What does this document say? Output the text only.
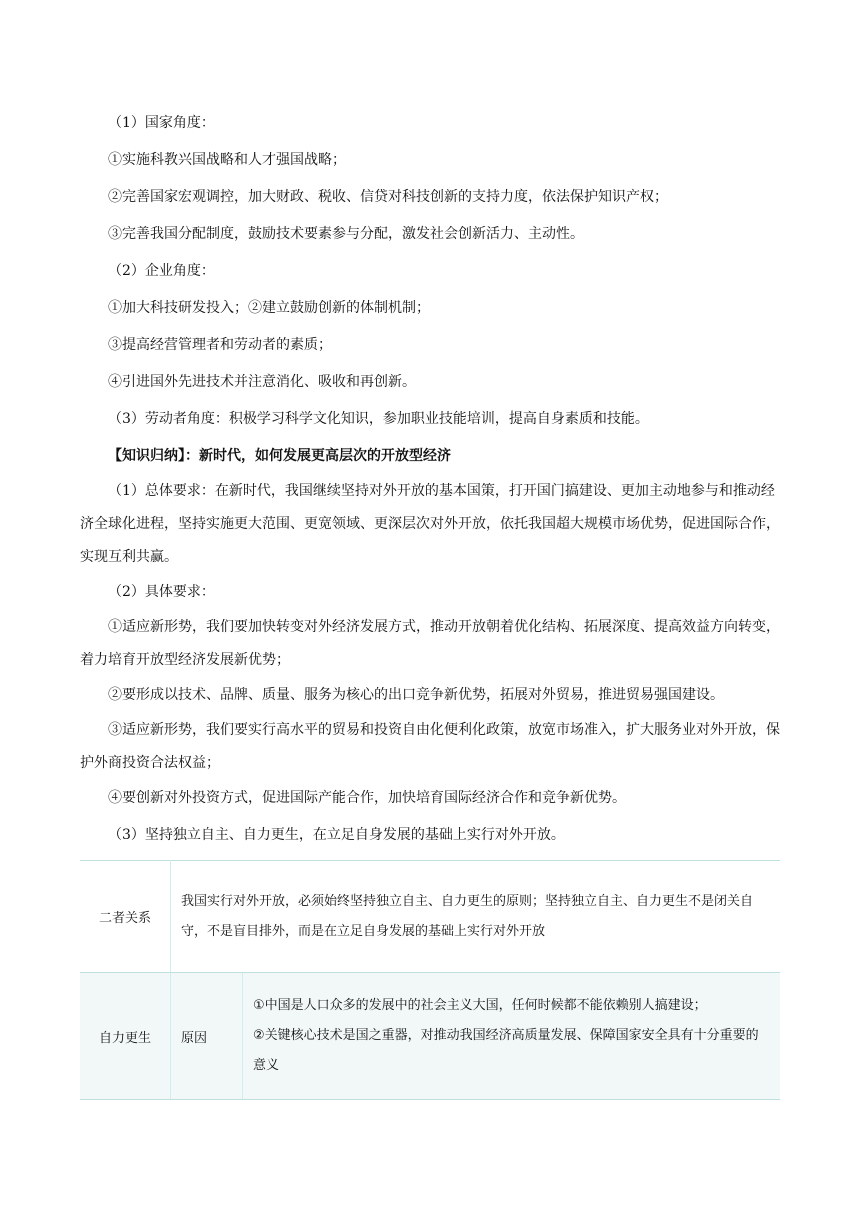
（1）国家角度：

①实施科教兴国战略和人才强国战略；

②完善国家宏观调控，加大财政、税收、信贷对科技创新的支持力度，依法保护知识产权；

③完善我国分配制度，鼓励技术要素参与分配，激发社会创新活力、主动性。

（2）企业角度：

①加大科技研发投入；②建立鼓励创新的体制机制；

③提高经营管理者和劳动者的素质；

④引进国外先进技术并注意消化、吸收和再创新。

（3）劳动者角度：积极学习科学文化知识，参加职业技能培训，提高自身素质和技能。

【知识归纳】：新时代，如何发展更高层次的开放型经济

（1）总体要求：在新时代，我国继续坚持对外开放的基本国策，打开国门搞建设、更加主动地参与和推动经济全球化进程，坚持实施更大范围、更宽领域、更深层次对外开放，依托我国超大规模市场优势，促进国际合作，实现互利共赢。

（2）具体要求：

①适应新形势，我们要加快转变对外经济发展方式，推动开放朝着优化结构、拓展深度、提高效益方向转变，着力培育开放型经济发展新优势；

②要形成以技术、品牌、质量、服务为核心的出口竞争新优势，拓展对外贸易，推进贸易强国建设。

③适应新形势，我们要实行高水平的贸易和投资自由化便利化政策，放宽市场准入，扩大服务业对外开放，保护外商投资合法权益；

④要创新对外投资方式，促进国际产能合作，加快培育国际经济合作和竞争新优势。

（3）坚持独立自主、自力更生，在立足自身发展的基础上实行对外开放。

二者关系	我国实行对外开放，必须始终坚持独立自主、自力更生的原则；坚持独立自主、自力更生不是闭关自守，不是盲目排外，而是在立足自身发展的基础上实行对外开放	
自力更生	原因	①中国是人口众多的发展中的社会主义大国，任何时候都不能依赖别人搞建设；
②关键核心技术是国之重器，对推动我国经济高质量发展、保障国家安全具有十分重要的意义
